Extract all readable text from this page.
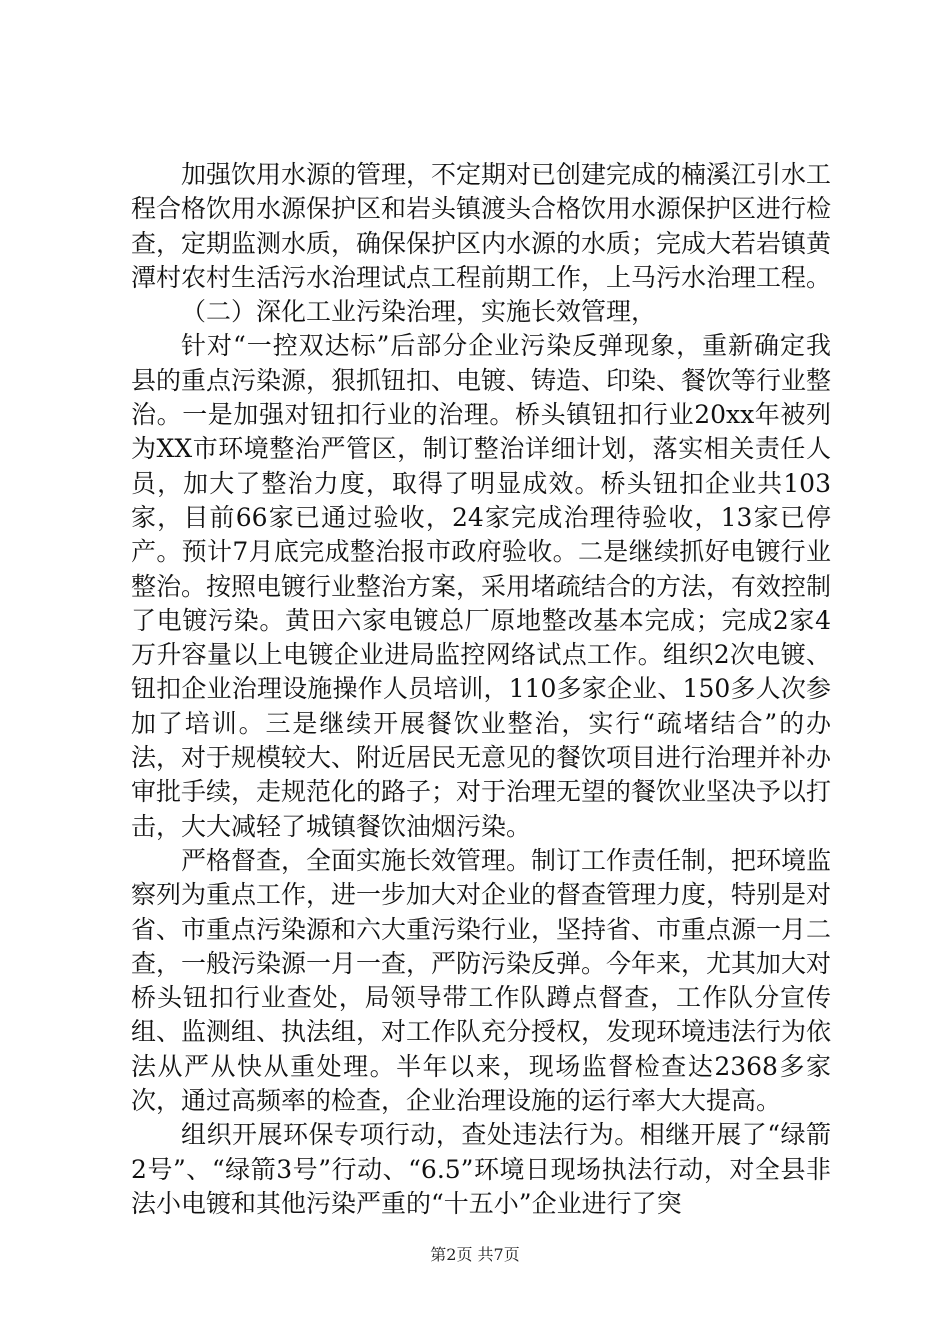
加强饮用水源的管理，不定期对已创建完成的楠溪江引水工程合格饮用水源保护区和岩头镇渡头合格饮用水源保护区进行检查，定期监测水质，确保保护区内水源的水质；完成大若岩镇黄潭村农村生活污水治理试点工程前期工作，上马污水治理工程。

（二）深化工业污染治理，实施长效管理，

针对“一控双达标”后部分企业污染反弹现象，重新确定我县的重点污染源，狠抓钮扣、电镀、铸造、印染、餐饮等行业整治。一是加强对钮扣行业的治理。桥头镇钮扣行业20xx年被列为XX市环境整治严管区，制订整治详细计划，落实相关责任人员，加大了整治力度，取得了明显成效。桥头钮扣企业共103家，目前66家已通过验收，24家完成治理待验收，13家已停产。预计7月底完成整治报市政府验收。二是继续抓好电镀行业整治。按照电镀行业整治方案，采用堵疏结合的方法，有效控制了电镀污染。黄田六家电镀总厂原地整改基本完成；完成2家4万升容量以上电镀企业进局监控网络试点工作。组织2次电镀、钮扣企业治理设施操作人员培训，110多家企业、150多人次参加了培训。三是继续开展餐饮业整治，实行“疏堵结合”的办法，对于规模较大、附近居民无意见的餐饮项目进行治理并补办审批手续，走规范化的路子；对于治理无望的餐饮业坚决予以打击，大大减轻了城镇餐饮油烟污染。

严格督查，全面实施长效管理。制订工作责任制，把环境监察列为重点工作，进一步加大对企业的督查管理力度，特别是对省、市重点污染源和六大重污染行业，坚持省、市重点源一月二查，一般污染源一月一查，严防污染反弹。今年来，尤其加大对桥头钮扣行业查处，局领导带工作队蹲点督查，工作队分宣传组、监测组、执法组，对工作队充分授权，发现环境违法行为依法从严从快从重处理。半年以来，现场监督检查达2368多家次，通过高频率的检查，企业治理设施的运行率大大提高。

组织开展环保专项行动，查处违法行为。相继开展了“绿箭2号”、“绿箭3号”行动、“6.5”环境日现场执法行动，对全县非法小电镀和其他污染严重的“十五小”企业进行了突

第2页 共7页
